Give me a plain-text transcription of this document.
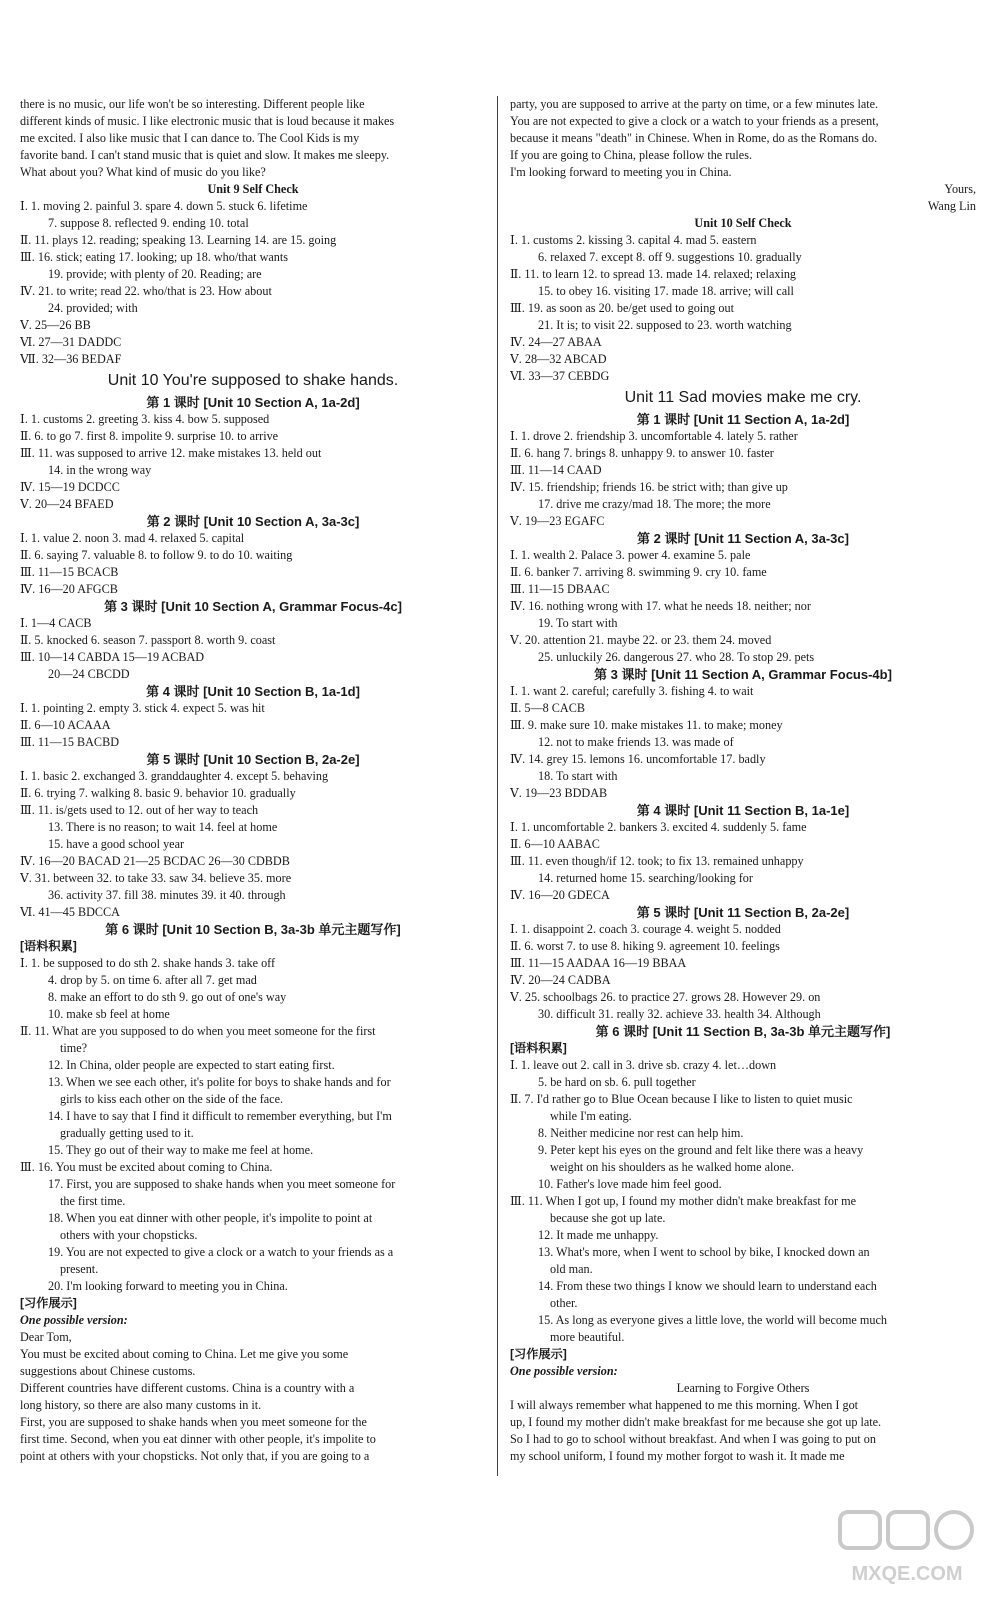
there is no music, our life won't be so interesting. Different people like
different kinds of music. I like electronic music that is loud because it makes
me excited. I also like music that I can dance to. The Cool Kids is my
favorite band. I can't stand music that is quiet and slow. It makes me sleepy.
What about you? What kind of music do you like?
Unit 9 Self Check
Ⅰ. 1. moving 2. painful 3. spare 4. down 5. stuck 6. lifetime
7. suppose 8. reflected 9. ending 10. total
Ⅱ. 11. plays 12. reading; speaking 13. Learning 14. are 15. going
Ⅲ. 16. stick; eating 17. looking; up 18. who/that wants
19. provide; with plenty of 20. Reading; are
Ⅳ. 21. to write; read 22. who/that is 23. How about
24. provided; with
Ⅴ. 25—26 BB
Ⅵ. 27—31 DADDC
Ⅶ. 32—36 BEDAF
Unit 10 You're supposed to shake hands.
第 1 课时 [Unit 10 Section A, 1a-2d]
Ⅰ. 1. customs 2. greeting 3. kiss 4. bow 5. supposed
Ⅱ. 6. to go 7. first 8. impolite 9. surprise 10. to arrive
Ⅲ. 11. was supposed to arrive 12. make mistakes 13. held out
14. in the wrong way
Ⅳ. 15—19 DCDCC
Ⅴ. 20—24 BFAED
第 2 课时 [Unit 10 Section A, 3a-3c]
Ⅰ. 1. value 2. noon 3. mad 4. relaxed 5. capital
Ⅱ. 6. saying 7. valuable 8. to follow 9. to do 10. waiting
Ⅲ. 11—15 BCACB
Ⅳ. 16—20 AFGCB
第 3 课时 [Unit 10 Section A, Grammar Focus-4c]
Ⅰ. 1—4 CACB
Ⅱ. 5. knocked 6. season 7. passport 8. worth 9. coast
Ⅲ. 10—14 CABDA 15—19 ACBAD
20—24 CBCDD
第 4 课时 [Unit 10 Section B, 1a-1d]
Ⅰ. 1. pointing 2. empty 3. stick 4. expect 5. was hit
Ⅱ. 6—10 ACAAA
Ⅲ. 11—15 BACBD
第 5 课时 [Unit 10 Section B, 2a-2e]
Ⅰ. 1. basic 2. exchanged 3. granddaughter 4. except 5. behaving
Ⅱ. 6. trying 7. walking 8. basic 9. behavior 10. gradually
Ⅲ. 11. is/gets used to 12. out of her way to teach
13. There is no reason; to wait 14. feel at home
15. have a good school year
Ⅳ. 16—20 BACAD 21—25 BCDAC 26—30 CDBDB
Ⅴ. 31. between 32. to take 33. saw 34. believe 35. more
36. activity 37. fill 38. minutes 39. it 40. through
Ⅵ. 41—45 BDCCA
第 6 课时 [Unit 10 Section B, 3a-3b 单元主题写作]
[语料积累]
Ⅰ. 1. be supposed to do sth 2. shake hands 3. take off
4. drop by 5. on time 6. after all 7. get mad
8. make an effort to do sth 9. go out of one's way
10. make sb feel at home
Ⅱ. 11. What are you supposed to do when you meet someone for the first
time?
12. In China, older people are expected to start eating first.
13. When we see each other, it's polite for boys to shake hands and for
girls to kiss each other on the side of the face.
14. I have to say that I find it difficult to remember everything, but I'm
gradually getting used to it.
15. They go out of their way to make me feel at home.
Ⅲ. 16. You must be excited about coming to China.
17. First, you are supposed to shake hands when you meet someone for
the first time.
18. When you eat dinner with other people, it's impolite to point at
others with your chopsticks.
19. You are not expected to give a clock or a watch to your friends as a
present.
20. I'm looking forward to meeting you in China.
[习作展示]
One possible version:
Dear Tom,
You must be excited about coming to China. Let me give you some
suggestions about Chinese customs.
Different countries have different customs. China is a country with a
long history, so there are also many customs in it.
First, you are supposed to shake hands when you meet someone for the
first time. Second, when you eat dinner with other people, it's impolite to
point at others with your chopsticks. Not only that, if you are going to a
party, you are supposed to arrive at the party on time, or a few minutes late.
You are not expected to give a clock or a watch to your friends as a present,
because it means "death" in Chinese. When in Rome, do as the Romans do.
If you are going to China, please follow the rules.
I'm looking forward to meeting you in China.
Yours,
Wang Lin
Unit 10 Self Check
Ⅰ. 1. customs 2. kissing 3. capital 4. mad 5. eastern
6. relaxed 7. except 8. off 9. suggestions 10. gradually
Ⅱ. 11. to learn 12. to spread 13. made 14. relaxed; relaxing
15. to obey 16. visiting 17. made 18. arrive; will call
Ⅲ. 19. as soon as 20. be/get used to going out
21. It is; to visit 22. supposed to 23. worth watching
Ⅳ. 24—27 ABAA
Ⅴ. 28—32 ABCAD
Ⅵ. 33—37 CEBDG
Unit 11 Sad movies make me cry.
第 1 课时 [Unit 11 Section A, 1a-2d]
Ⅰ. 1. drove 2. friendship 3. uncomfortable 4. lately 5. rather
Ⅱ. 6. hang 7. brings 8. unhappy 9. to answer 10. faster
Ⅲ. 11—14 CAAD
Ⅳ. 15. friendship; friends 16. be strict with; than give up
17. drive me crazy/mad 18. The more; the more
Ⅴ. 19—23 EGAFC
第 2 课时 [Unit 11 Section A, 3a-3c]
Ⅰ. 1. wealth 2. Palace 3. power 4. examine 5. pale
Ⅱ. 6. banker 7. arriving 8. swimming 9. cry 10. fame
Ⅲ. 11—15 DBAAC
Ⅳ. 16. nothing wrong with 17. what he needs 18. neither; nor
19. To start with
Ⅴ. 20. attention 21. maybe 22. or 23. them 24. moved
25. unluckily 26. dangerous 27. who 28. To stop 29. pets
第 3 课时 [Unit 11 Section A, Grammar Focus-4b]
Ⅰ. 1. want 2. careful; carefully 3. fishing 4. to wait
Ⅱ. 5—8 CACB
Ⅲ. 9. make sure 10. make mistakes 11. to make; money
12. not to make friends 13. was made of
Ⅳ. 14. grey 15. lemons 16. uncomfortable 17. badly
18. To start with
Ⅴ. 19—23 BDDAB
第 4 课时 [Unit 11 Section B, 1a-1e]
Ⅰ. 1. uncomfortable 2. bankers 3. excited 4. suddenly 5. fame
Ⅱ. 6—10 AABAC
Ⅲ. 11. even though/if 12. took; to fix 13. remained unhappy
14. returned home 15. searching/looking for
Ⅳ. 16—20 GDECA
第 5 课时 [Unit 11 Section B, 2a-2e]
Ⅰ. 1. disappoint 2. coach 3. courage 4. weight 5. nodded
Ⅱ. 6. worst 7. to use 8. hiking 9. agreement 10. feelings
Ⅲ. 11—15 AADAA 16—19 BBAA
Ⅳ. 20—24 CADBA
Ⅴ. 25. schoolbags 26. to practice 27. grows 28. However 29. on
30. difficult 31. really 32. achieve 33. health 34. Although
第 6 课时 [Unit 11 Section B, 3a-3b 单元主题写作]
[语料积累]
Ⅰ. 1. leave out 2. call in 3. drive sb. crazy 4. let…down
5. be hard on sb. 6. pull together
Ⅱ. 7. I'd rather go to Blue Ocean because I like to listen to quiet music
while I'm eating.
8. Neither medicine nor rest can help him.
9. Peter kept his eyes on the ground and felt like there was a heavy
weight on his shoulders as he walked home alone.
10. Father's love made him feel good.
Ⅲ. 11. When I got up, I found my mother didn't make breakfast for me
because she got up late.
12. It made me unhappy.
13. What's more, when I went to school by bike, I knocked down an
old man.
14. From these two things I know we should learn to understand each
other.
15. As long as everyone gives a little love, the world will become much
more beautiful.
[习作展示]
One possible version:
Learning to Forgive Others
I will always remember what happened to me this morning. When I got
up, I found my mother didn't make breakfast for me because she got up late.
So I had to go to school without breakfast. And when I was going to put on
my school uniform, I found my mother forgot to wash it. It made me
MXQE.COM
